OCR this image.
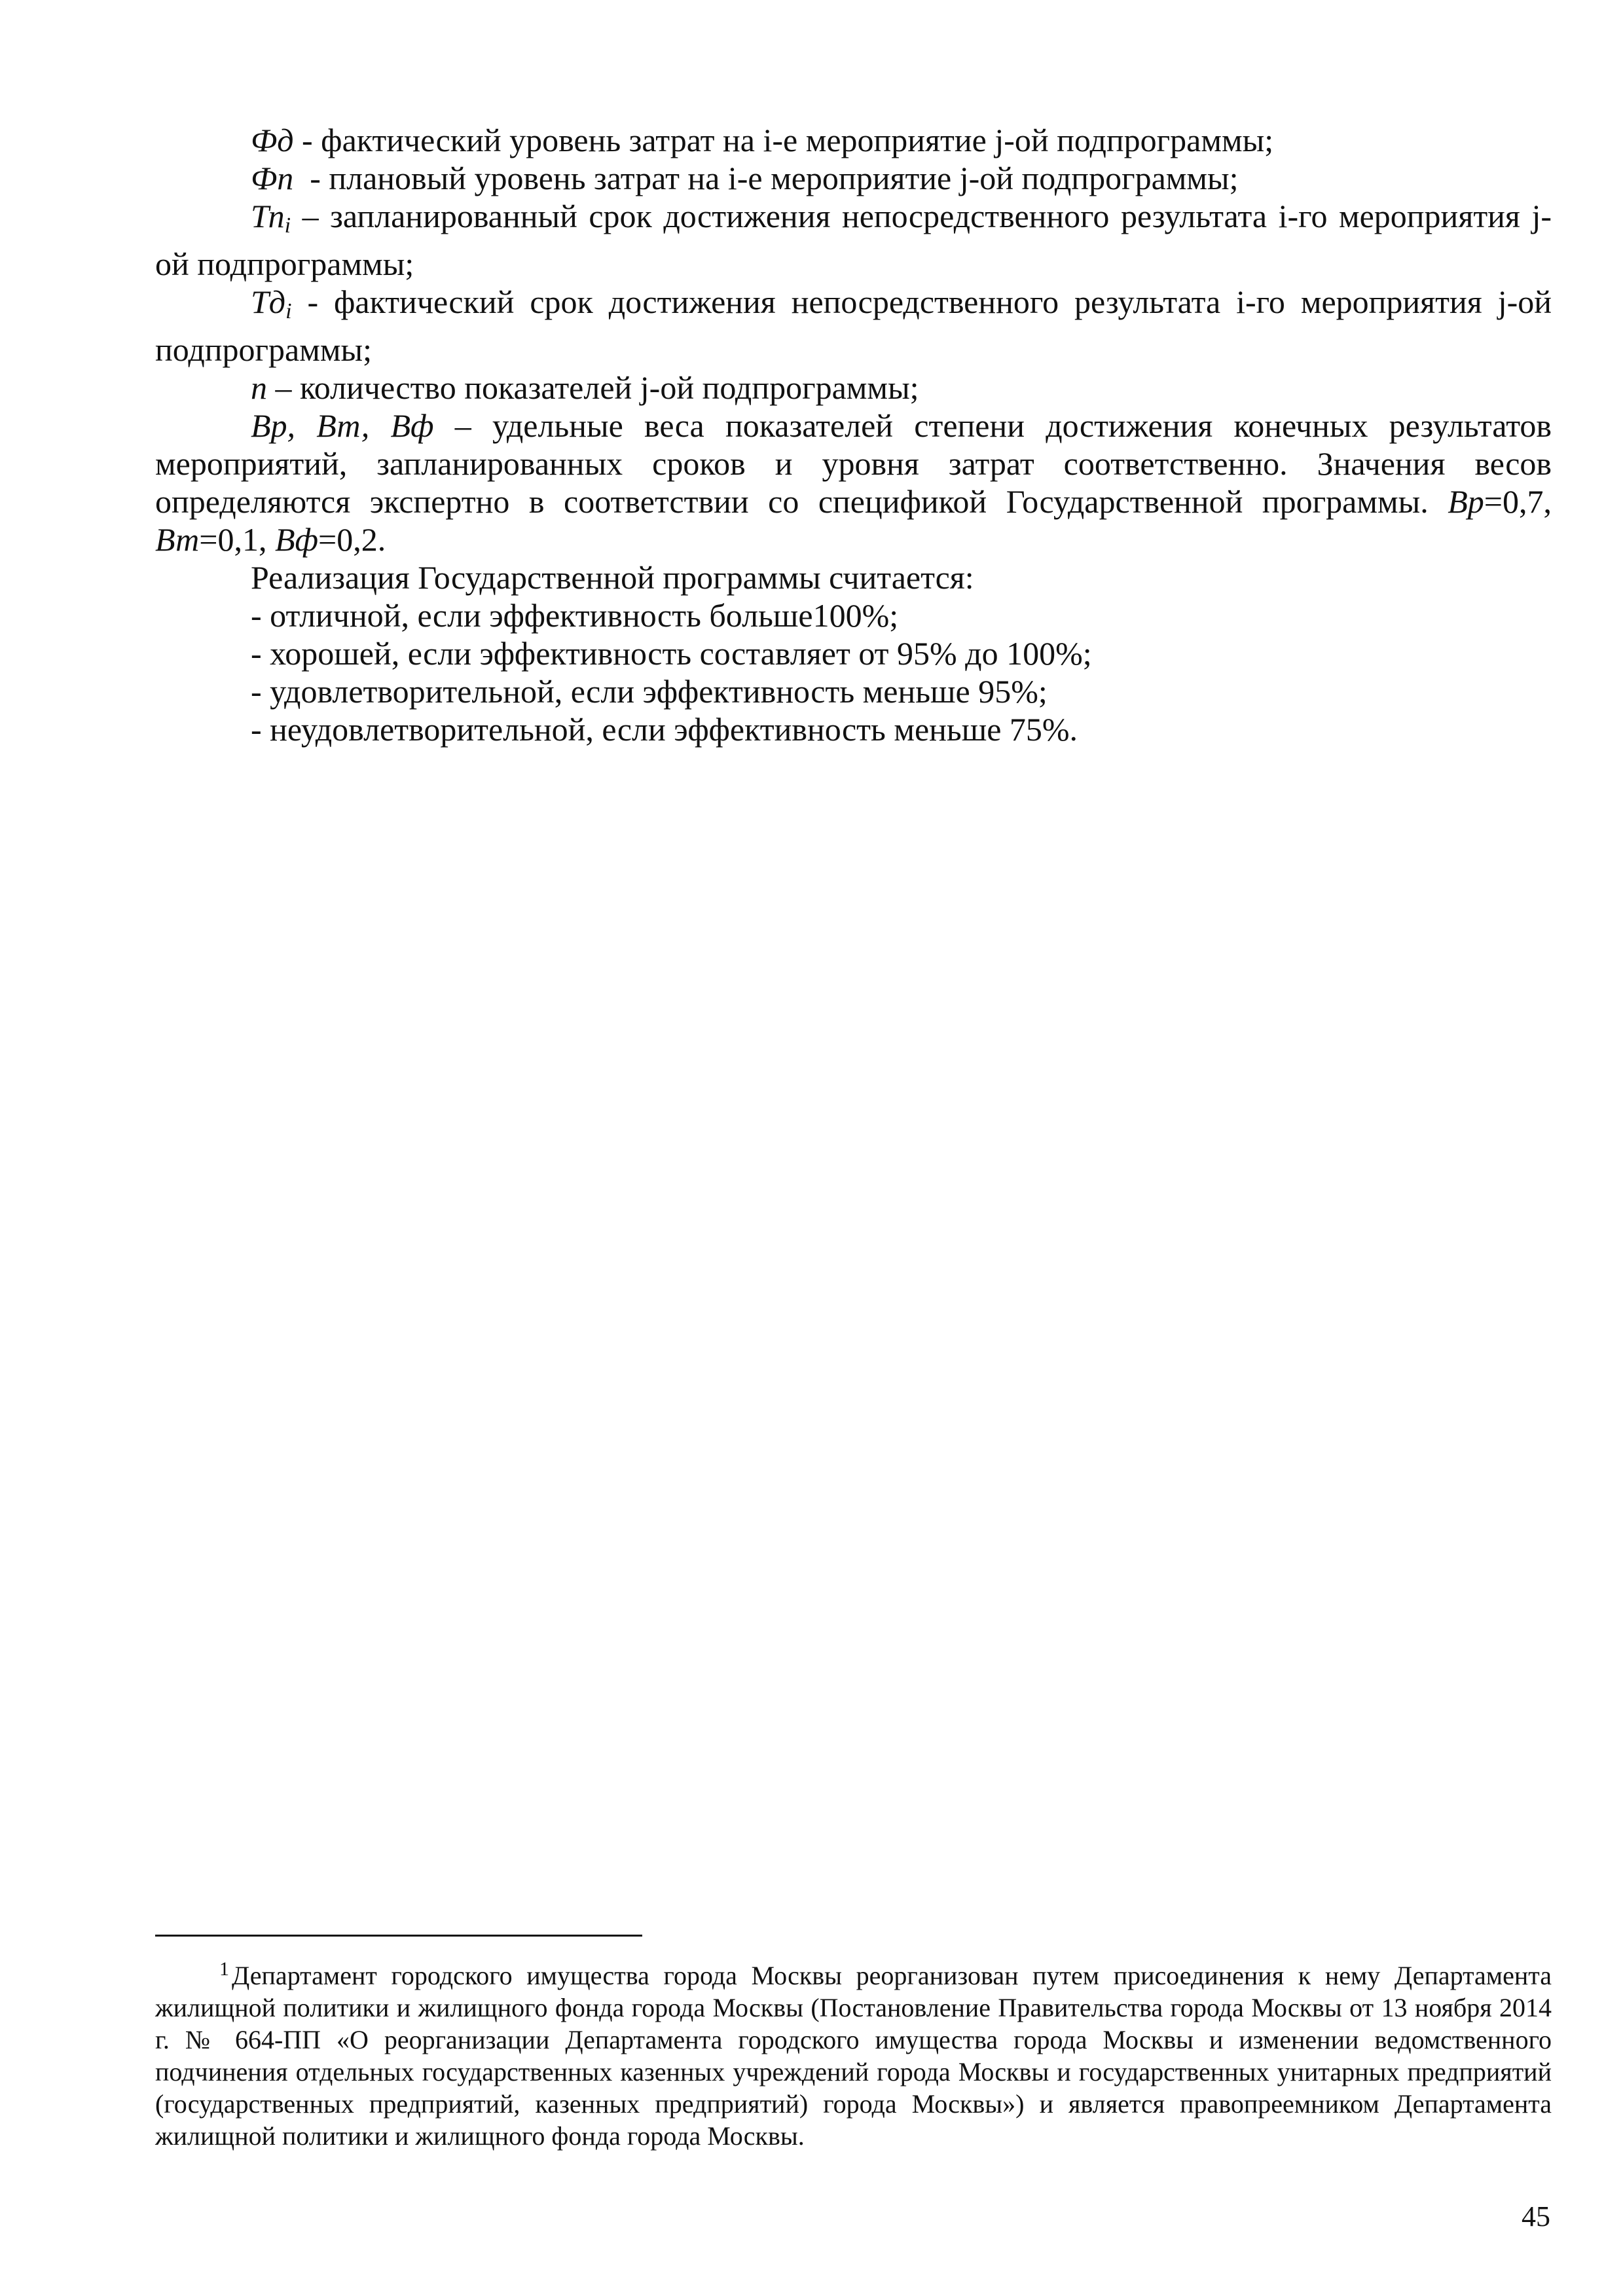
Фд - фактический уровень затрат на i-е мероприятие j-ой подпрограммы;

Фп  - плановый уровень затрат на i-е мероприятие j-ой подпрограммы;

$Тп_i$ – запланированный срок достижения непосредственного результата i-го мероприятия j-ой подпрограммы;

$Тд_i$ - фактический срок достижения непосредственного результата i-го мероприятия j-ой подпрограммы;

n – количество показателей j-ой подпрограммы;

Вр, Вт, Вф – удельные веса показателей степени достижения конечных результатов мероприятий, запланированных сроков и уровня затрат соответственно. Значения весов определяются экспертно в соответствии со спецификой Государственной программы. Вр=0,7, Вт=0,1, Вф=0,2.

Реализация Государственной программы считается:

- отличной, если эффективность больше100%;

- хорошей, если эффективность составляет от 95% до 100%;

- удовлетворительной, если эффективность меньше 95%;

- неудовлетворительной, если эффективность меньше 75%.

$^1$ Департамент городского имущества города Москвы реорганизован путем присоединения к нему Департамента жилищной политики и жилищного фонда города Москвы (Постановление Правительства города Москвы от 13 ноября 2014 г. № 664-ПП «О реорганизации Департамента городского имущества города Москвы и изменении ведомственного подчинения отдельных государственных казенных учреждений города Москвы и государственных унитарных предприятий (государственных предприятий, казенных предприятий) города Москвы») и является правопреемником Департамента жилищной политики и жилищного фонда города Москвы.

45
